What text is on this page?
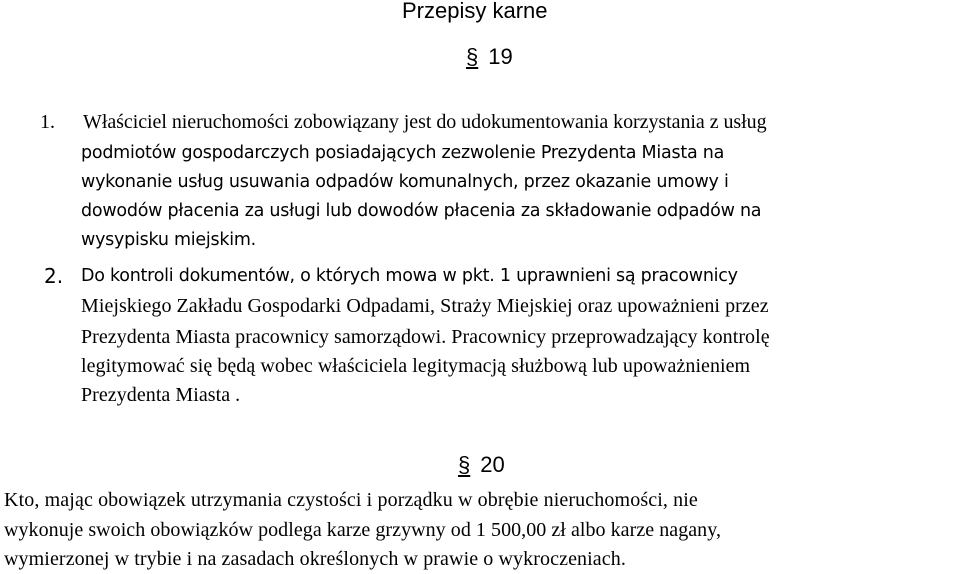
Przepisy karne
§ 19
1. Właściciel nieruchomości zobowiązany jest do udokumentowania korzystania z usług
podmiotów gospodarczych posiadających zezwolenie Prezydenta Miasta na
wykonanie usług usuwania odpadów komunalnych, przez okazanie umowy i
dowodów płacenia za usługi lub dowodów płacenia za składowanie odpadów na
wysypisku miejskim.
2. Do kontroli dokumentów, o których mowa w pkt. 1 uprawnieni są pracownicy
Miejskiego Zakładu Gospodarki Odpadami, Straży Miejskiej oraz upoważnieni przez
Prezydenta Miasta pracownicy samorządowi. Pracownicy przeprowadzający kontrolę
legitymować się będą wobec właściciela legitymacją służbową lub upoważnieniem
Prezydenta Miasta .
§ 20
Kto, mając obowiązek utrzymania czystości i porządku w obrębie nieruchomości, nie
wykonuje swoich obowiązków podlega karze grzywny od 1 500,00 zł albo karze nagany,
wymierzonej w trybie i na zasadach określonych w prawie o wykroczeniach.
